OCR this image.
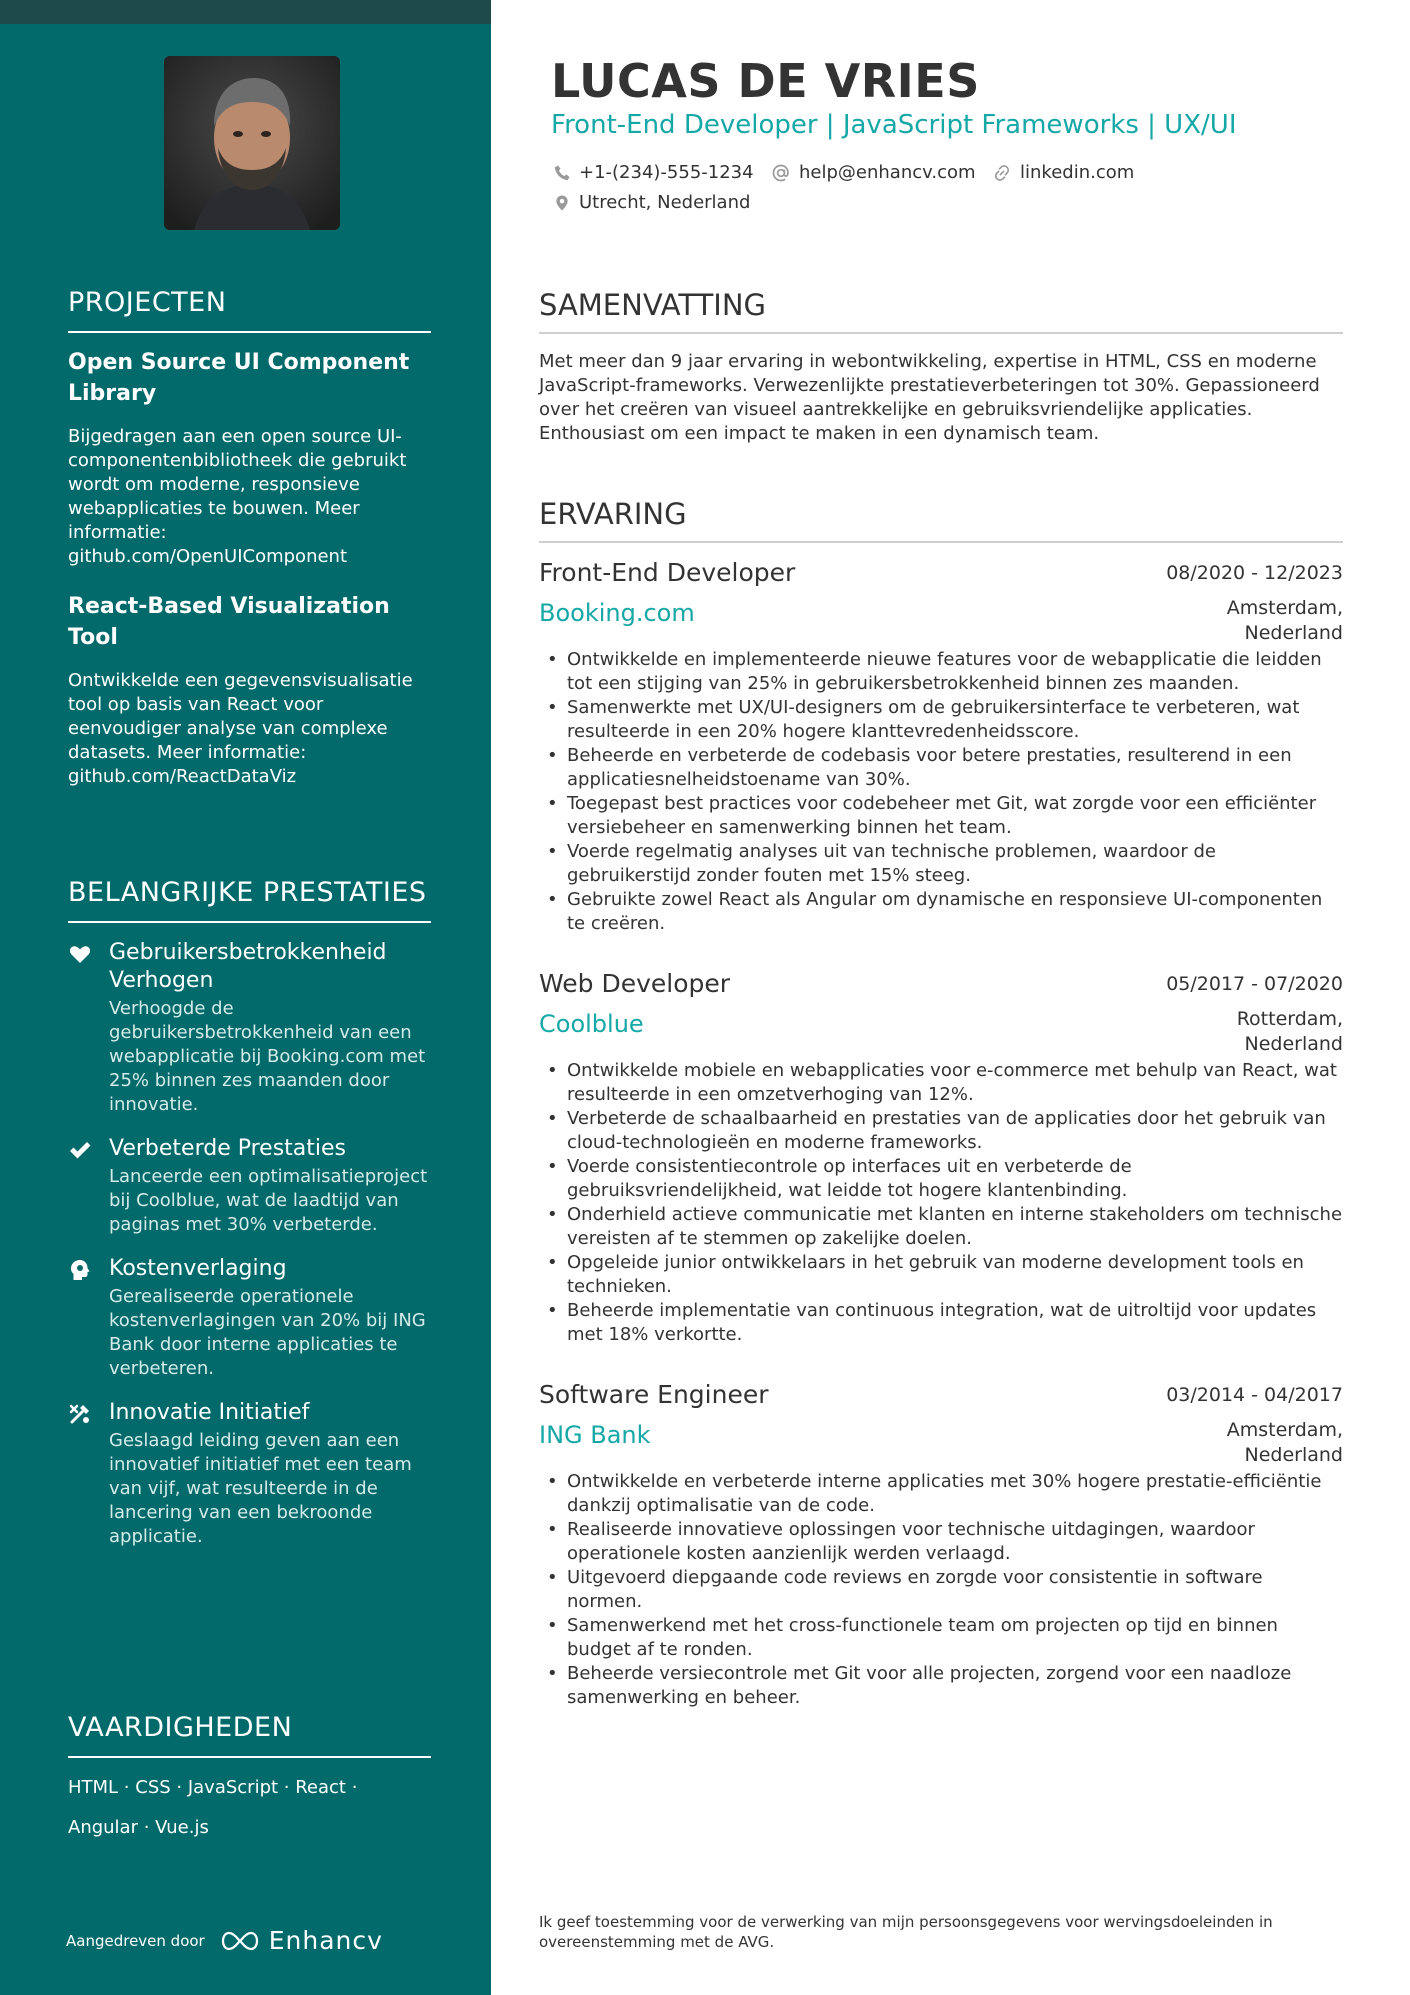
PROJECTEN
Open Source UI Component Library
Bijgedragen aan een open source UI-componentenbibliotheek die gebruikt wordt om moderne, responsieve webapplicaties te bouwen. Meer informatie: github.com/OpenUIComponent
React-Based Visualization Tool
Ontwikkelde een gegevensvisualisatie tool op basis van React voor eenvoudiger analyse van complexe datasets. Meer informatie: github.com/ReactDataViz
BELANGRIJKE PRESTATIES
Gebruikersbetrokkenheid Verhogen
Verhoogde de gebruikersbetrokkenheid van een webapplicatie bij Booking.com met 25% binnen zes maanden door innovatie.
Verbeterde Prestaties
Lanceerde een optimalisatieproject bij Coolblue, wat de laadtijd van paginas met 30% verbeterde.
Kostenverlaging
Gerealiseerde operationele kostenverlagingen van 20% bij ING Bank door interne applicaties te verbeteren.
Innovatie Initiatief
Geslaagd leiding geven aan een innovatief initiatief met een team van vijf, wat resulteerde in de lancering van een bekroonde applicatie.
VAARDIGHEDEN
HTML · CSS · JavaScript · React ·
Angular · Vue.js
Aangedreven door	Enhancv
LUCAS DE VRIES
Front-End Developer | JavaScript Frameworks | UX/UI
+1-(234)-555-1234	help@enhancv.com linkedin.com
Utrecht, Nederland
SAMENVATTING
Met meer dan 9 jaar ervaring in webontwikkeling, expertise in HTML, CSS en moderne JavaScript-frameworks. Verwezenlijkte prestatieverbeteringen tot 30%. Gepassioneerd over het creëren van visueel aantrekkelijke en gebruiksvriendelijke applicaties. Enthousiast om een impact te maken in een dynamisch team.
ERVARING
Front-End Developer	08/2020 - 12/2023
Booking.com	Amsterdam,
Nederland
• Ontwikkelde en implementeerde nieuwe features voor de webapplicatie die leidden tot een stijging van 25% in gebruikersbetrokkenheid binnen zes maanden.
• Samenwerkte met UX/UI-designers om de gebruikersinterface te verbeteren, wat resulteerde in een 20% hogere klanttevredenheidsscore.
• Beheerde en verbeterde de codebasis voor betere prestaties, resulterend in een applicatiesnelheidstoename van 30%.
• Toegepast best practices voor codebeheer met Git, wat zorgde voor een efficiënter versiebeheer en samenwerking binnen het team.
• Voerde regelmatig analyses uit van technische problemen, waardoor de gebruikerstijd zonder fouten met 15% steeg.
• Gebruikte zowel React als Angular om dynamische en responsieve UI-componenten te creëren.
Web Developer	05/2017 - 07/2020
Coolblue	Rotterdam,
Nederland
• Ontwikkelde mobiele en webapplicaties voor e-commerce met behulp van React, wat resulteerde in een omzetverhoging van 12%.
• Verbeterde de schaalbaarheid en prestaties van de applicaties door het gebruik van cloud-technologieën en moderne frameworks.
• Voerde consistentiecontrole op interfaces uit en verbeterde de gebruiksvriendelijkheid, wat leidde tot hogere klantenbinding.
• Onderhield actieve communicatie met klanten en interne stakeholders om technische vereisten af te stemmen op zakelijke doelen.
• Opgeleide junior ontwikkelaars in het gebruik van moderne development tools en technieken.
• Beheerde implementatie van continuous integration, wat de uitroltijd voor updates met 18% verkortte.
Software Engineer	03/2014 - 04/2017
ING Bank	Amsterdam,
Nederland
• Ontwikkelde en verbeterde interne applicaties met 30% hogere prestatie-efficiëntie dankzij optimalisatie van de code.
• Realiseerde innovatieve oplossingen voor technische uitdagingen, waardoor operationele kosten aanzienlijk werden verlaagd.
• Uitgevoerd diepgaande code reviews en zorgde voor consistentie in software normen.
• Samenwerkend met het cross-functionele team om projecten op tijd en binnen budget af te ronden.
• Beheerde versiecontrole met Git voor alle projecten, zorgend voor een naadloze samenwerking en beheer.
Ik geef toestemming voor de verwerking van mijn persoonsgegevens voor wervingsdoeleinden in overeenstemming met de AVG.
